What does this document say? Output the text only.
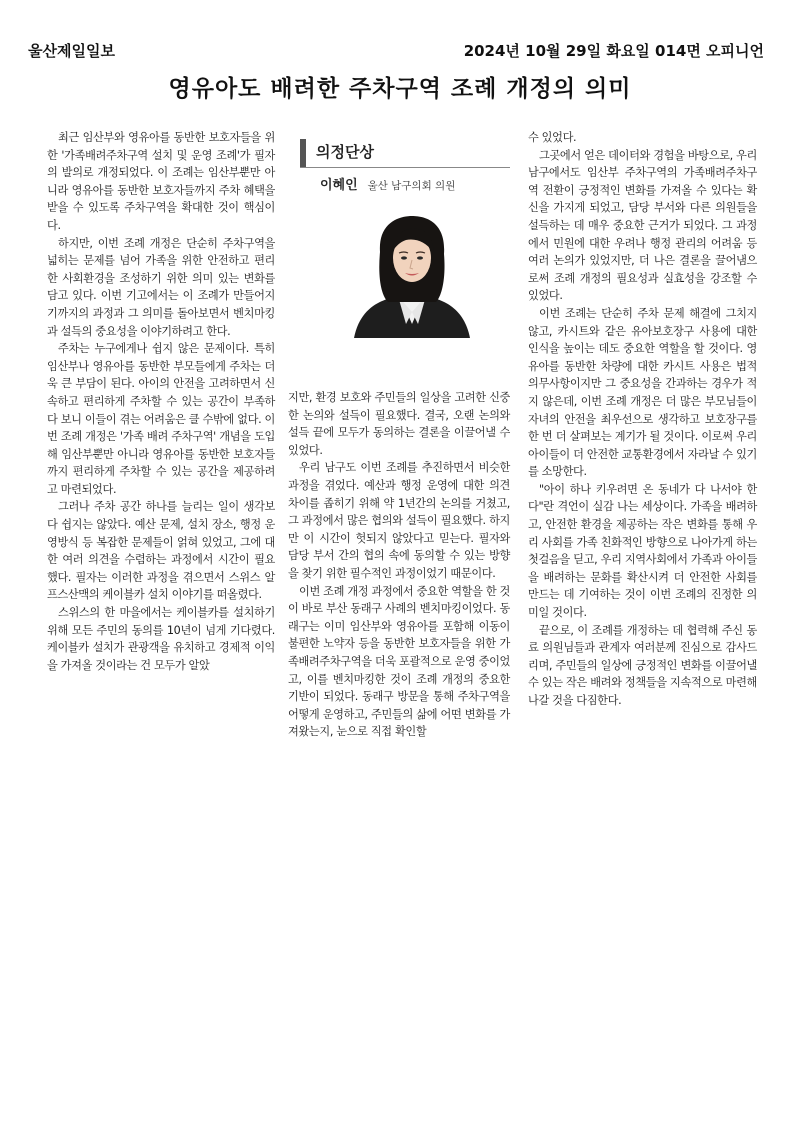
울산제일일보	2024년 10월 29일 화요일 014면 오피니언
영유아도 배려한 주차구역 조례 개정의 의미

최근 임산부와 영유아를 동반한 보호자들을 위한 '가족배려주차구역 설치 및 운영 조례'가 필자의 발의로 개정되었다. 이 조례는 임산부뿐만 아니라 영유아를 동반한 보호자들까지 주차 혜택을 받을 수 있도록 주차구역을 확대한 것이 핵심이다.

하지만, 이번 조례 개정은 단순히 주차구역을 넓히는 문제를 넘어 가족을 위한 안전하고 편리한 사회환경을 조성하기 위한 의미 있는 변화를 담고 있다. 이번 기고에서는 이 조례가 만들어지기까지의 과정과 그 의미를 돌아보면서 벤치마킹과 설득의 중요성을 이야기하려고 한다.

주차는 누구에게나 쉽지 않은 문제이다. 특히 임산부나 영유아를 동반한 부모들에게 주차는 더욱 큰 부담이 된다. 아이의 안전을 고려하면서 신속하고 편리하게 주차할 수 있는 공간이 부족하다 보니 이들이 겪는 어려움은 클 수밖에 없다. 이번 조례 개정은 '가족 배려 주차구역' 개념을 도입해 임산부뿐만 아니라 영유아를 동반한 보호자들까지 편리하게 주차할 수 있는 공간을 제공하려고 마련되었다.

그러나 주차 공간 하나를 늘리는 일이 생각보다 쉽지는 않았다. 예산 문제, 설치 장소, 행정 운영방식 등 복잡한 문제들이 얽혀 있었고, 그에 대한 여러 의견을 수렴하는 과정에서 시간이 필요했다. 필자는 이러한 과정을 겪으면서 스위스 알프스산맥의 케이블카 설치 이야기를 떠올렸다.

스위스의 한 마을에서는 케이블카를 설치하기 위해 모든 주민의 동의를 10년이 넘게 기다렸다. 케이블카 설치가 관광객을 유치하고 경제적 이익을 가져올 것이라는 건 모두가 알았

의정단상
이혜인 울산 남구의회 의원

지만, 환경 보호와 주민들의 일상을 고려한 신중한 논의와 설득이 필요했다. 결국, 오랜 논의와 설득 끝에 모두가 동의하는 결론을 이끌어낼 수 있었다.

우리 남구도 이번 조례를 추진하면서 비슷한 과정을 겪었다. 예산과 행정 운영에 대한 의견 차이를 좁히기 위해 약 1년간의 논의를 거쳤고, 그 과정에서 많은 협의와 설득이 필요했다. 하지만 이 시간이 헛되지 않았다고 믿는다. 필자와 담당 부서 간의 협의 속에 동의할 수 있는 방향을 찾기 위한 필수적인 과정이었기 때문이다.

이번 조례 개정 과정에서 중요한 역할을 한 것이 바로 부산 동래구 사례의 벤치마킹이었다. 동래구는 이미 임산부와 영유아를 포함해 이동이 불편한 노약자 등을 동반한 보호자들을 위한 가족배려주차구역을 더욱 포괄적으로 운영 중이었고, 이를 벤치마킹한 것이 조례 개정의 중요한 기반이 되었다. 동래구 방문을 통해 주차구역을 어떻게 운영하고, 주민들의 삶에 어떤 변화를 가져왔는지, 눈으로 직접 확인할

수 있었다.

그곳에서 얻은 데이터와 경험을 바탕으로, 우리 남구에서도 임산부 주차구역의 가족배려주차구역 전환이 긍정적인 변화를 가져올 수 있다는 확신을 가지게 되었고, 담당 부서와 다른 의원들을 설득하는 데 매우 중요한 근거가 되었다. 그 과정에서 민원에 대한 우려나 행정 관리의 어려움 등 여러 논의가 있었지만, 더 나은 결론을 끌어냄으로써 조례 개정의 필요성과 실효성을 강조할 수 있었다.

이번 조례는 단순히 주차 문제 해결에 그치지 않고, 카시트와 같은 유아보호장구 사용에 대한 인식을 높이는 데도 중요한 역할을 할 것이다. 영유아를 동반한 차량에 대한 카시트 사용은 법적 의무사항이지만 그 중요성을 간과하는 경우가 적지 않은데, 이번 조례 개정은 더 많은 부모님들이 자녀의 안전을 최우선으로 생각하고 보호장구를 한 번 더 살펴보는 계기가 될 것이다. 이로써 우리 아이들이 더 안전한 교통환경에서 자라날 수 있기를 소망한다.

"아이 하나 키우려면 온 동네가 다 나서야 한다"란 격언이 실감 나는 세상이다. 가족을 배려하고, 안전한 환경을 제공하는 작은 변화를 통해 우리 사회를 가족 친화적인 방향으로 나아가게 하는 첫걸음을 딛고, 우리 지역사회에서 가족과 아이들을 배려하는 문화를 확산시켜 더 안전한 사회를 만드는 데 기여하는 것이 이번 조례의 진정한 의미일 것이다.

끝으로, 이 조례를 개정하는 데 협력해 주신 동료 의원님들과 관계자 여러분께 진심으로 감사드리며, 주민들의 일상에 긍정적인 변화를 이끌어낼 수 있는 작은 배려와 정책들을 지속적으로 마련해 나갈 것을 다짐한다.
